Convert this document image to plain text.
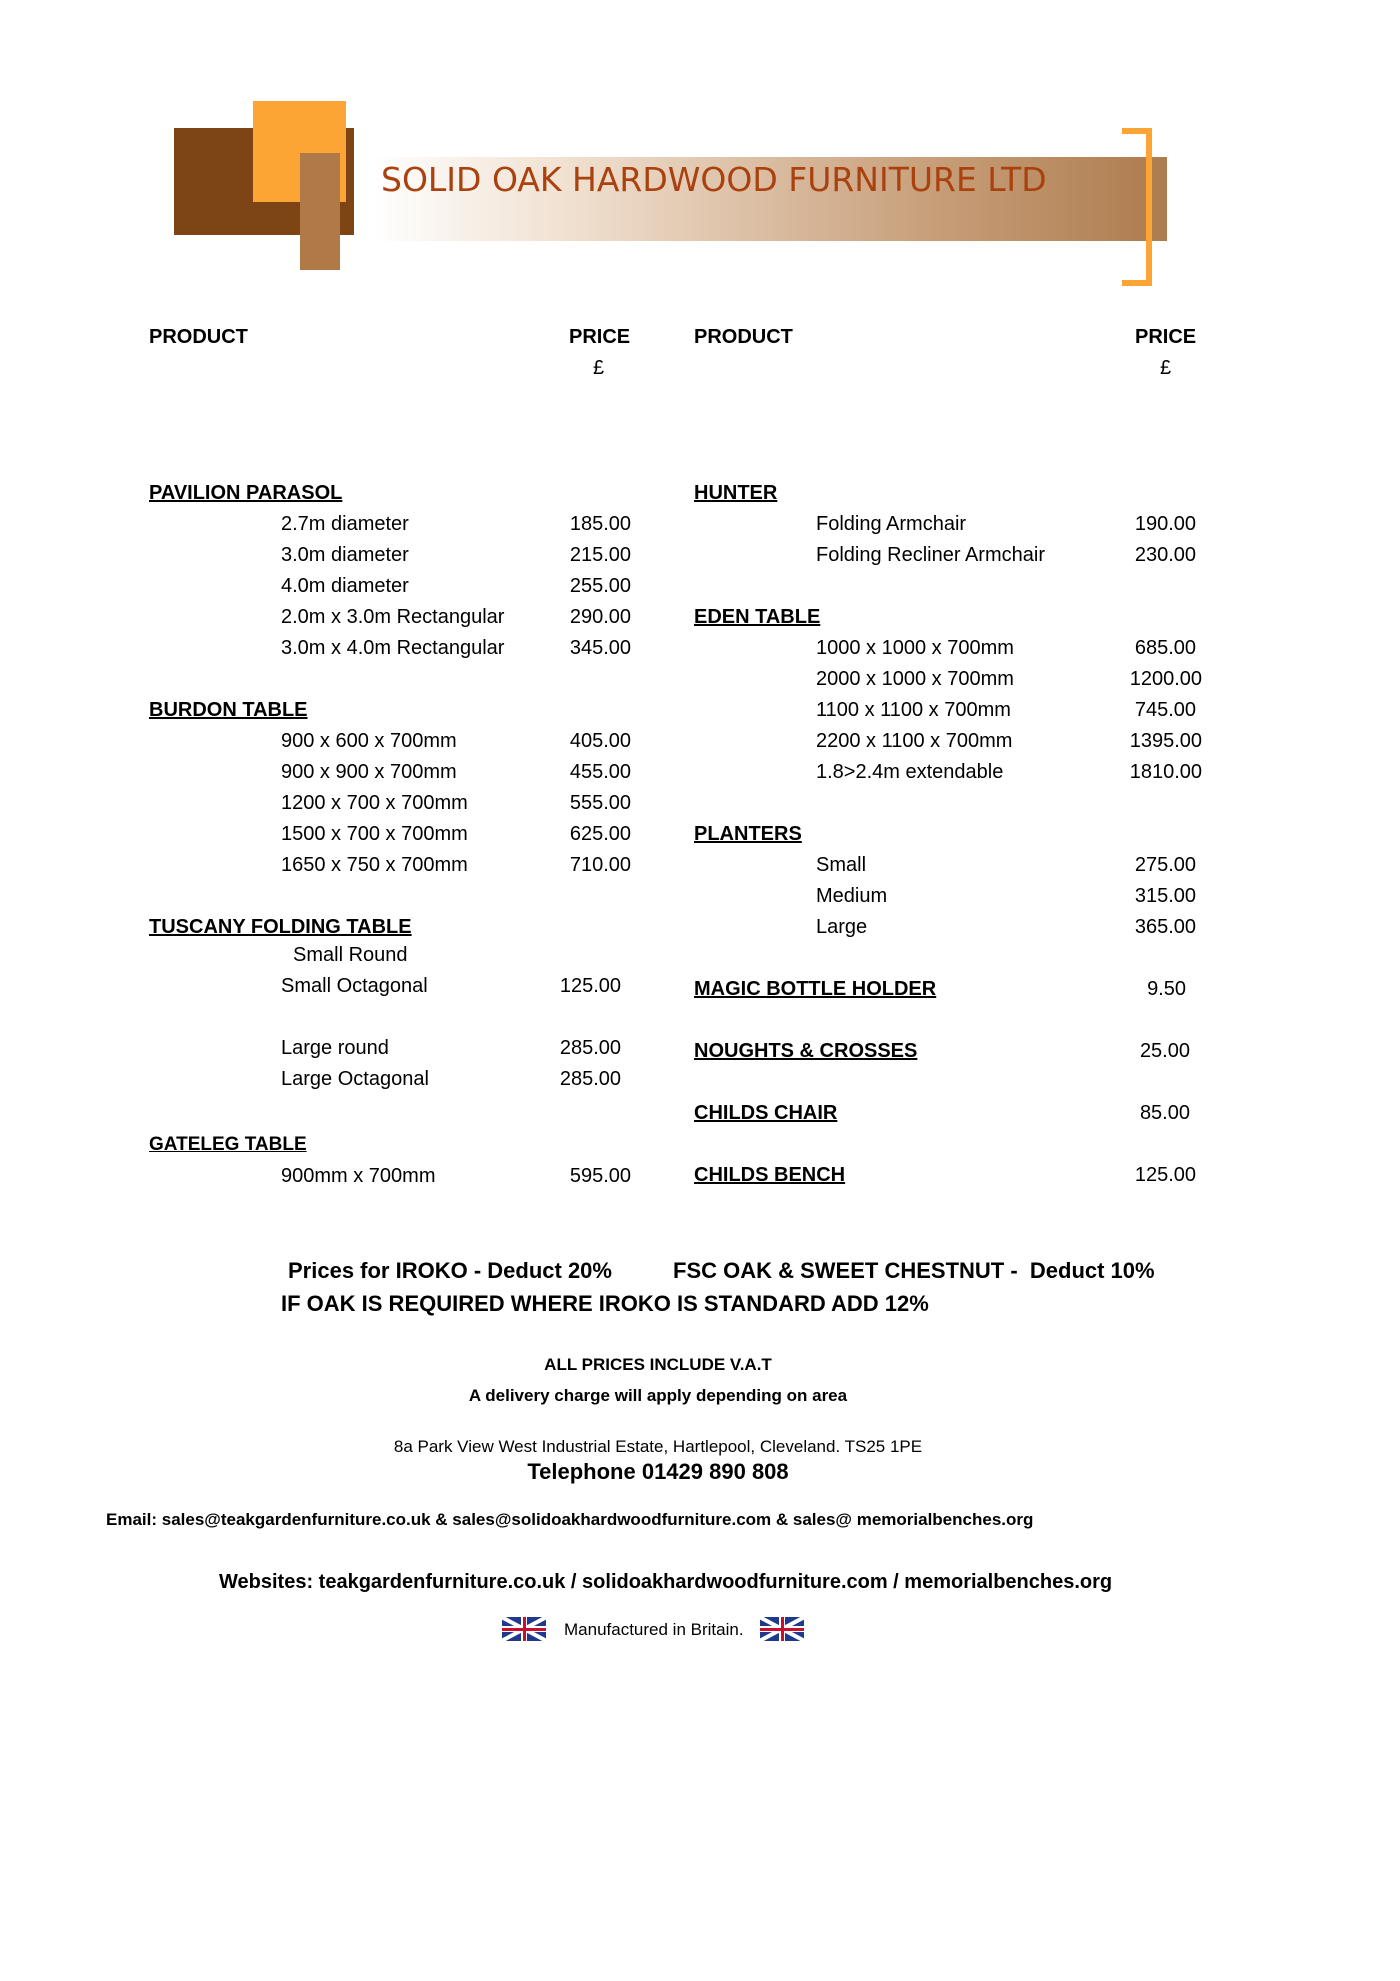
SOLID OAK HARDWOOD FURNITURE LTD
PRODUCT	PRICE
£
PRODUCT	PRICE
£
PAVILION PARASOL
2.7m diameter	185.00
3.0m diameter	215.00
4.0m diameter	255.00
2.0m x 3.0m Rectangular	290.00
3.0m x 4.0m Rectangular	345.00
BURDON TABLE
900 x 600 x 700mm	405.00
900 x 900 x 700mm	455.00
1200 x 700 x 700mm	555.00
1500 x 700 x 700mm	625.00
1650 x 750 x 700mm	710.00
TUSCANY FOLDING TABLE
Small Round
Small Octagonal	125.00
Large round	285.00
Large Octagonal	285.00
GATELEG TABLE
900mm x 700mm	595.00
HUNTER
Folding Armchair	190.00
Folding Recliner Armchair	230.00
EDEN TABLE
1000 x 1000 x 700mm	685.00
2000 x 1000 x 700mm	1200.00
1100 x 1100 x 700mm	745.00
2200 x 1100 x 700mm	1395.00
1.8>2.4m extendable	1810.00
PLANTERS
Small	275.00
Medium	315.00
Large	365.00
MAGIC BOTTLE HOLDER	9.50
NOUGHTS & CROSSES	25.00
CHILDS CHAIR	85.00
CHILDS BENCH	125.00
Prices for IROKO - Deduct 20%	FSC OAK & SWEET CHESTNUT -  Deduct 10%
IF OAK IS REQUIRED WHERE IROKO IS STANDARD ADD 12%
ALL PRICES INCLUDE V.A.T
A delivery charge will apply depending on area
8a Park View West Industrial Estate, Hartlepool, Cleveland. TS25 1PE
Telephone 01429 890 808
Email: sales@teakgardenfurniture.co.uk & sales@solidoakhardwoodfurniture.com & sales@ memorialbenches.org
Websites: teakgardenfurniture.co.uk / solidoakhardwoodfurniture.com / memorialbenches.org
Manufactured in Britain.
